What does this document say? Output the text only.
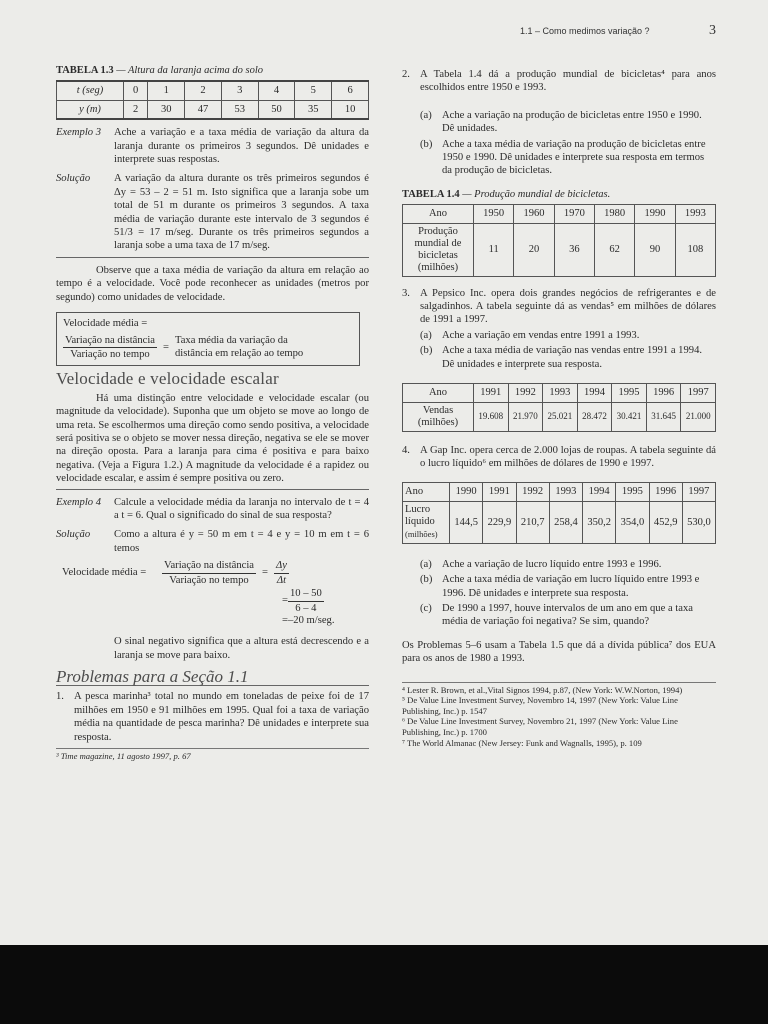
1.1 – Como medimos variação ?	3
TABELA 1.3 — Altura da laranja acima do solo
t (seg)	0	1	2	3	4	5	6
y (m)	2	30	47	53	50	35	10
Exemplo 3	Ache a variação e a taxa média de variação da altura da laranja durante os primeiros 3 segundos. Dê unidades e interprete suas respostas.
Solução	A variação da altura durante os três primeiros segundos é Δy = 53 – 2 = 51 m. Isto significa que a laranja sobe um total de 51 m durante os primeiros 3 segundos. A taxa média de variação durante este intervalo de 3 segundos é 51/3 = 17 m/seg. Durante os três primeiros segundos a laranja sobe a uma taxa de 17 m/seg.

Observe que a taxa média de variação da altura em relação ao tempo é a velocidade. Você pode reconhecer as unidades (metros por segundo) como unidades de velocidade.

Velocidade média =
$\frac{\text{Variação na distância}}{\text{Variação no tempo}}$ =
Taxa média da variação da
distância em relação ao tempo
Velocidade e velocidade escalar

Há uma distinção entre velocidade e velocidade escalar (ou magnitude da velocidade). Suponha que um objeto se move ao longo de uma reta. Se escolhermos uma direção como sendo positiva, a velocidade será positiva se o objeto se mover nessa direção, negativa se ele se mover na direção oposta. Para a laranja para cima é positiva e para baixo negativa. (Veja a Figura 1.2.) A magnitude da velocidade é a rapidez ou velocidade escalar, e assim é sempre positiva ou zero.

Exemplo 4	Calcule a velocidade média da laranja no intervalo de t = 4 a t = 6. Qual o significado do sinal de sua resposta?
Solução	Como a altura é y = 50 m em t = 4 e y = 10 m em t = 6 temos
Velocidade média =	$\frac{\text{Variação na distância}}{\text{Variação no tempo}} = \frac{\Delta y}{\Delta t}$
= $\frac{10 - 50}{6 - 4}$
=–20 m/seg.
O sinal negativo significa que a altura está decrescendo e a laranja se move para baixo.
Problemas para a Seção 1.1
1. A pesca marinha³ total no mundo em toneladas de peixe foi de 17 milhões em 1950 e 91 milhões em 1995. Qual foi a taxa de variação média na quantidade de pesca marinha? Dê unidades e interprete sua resposta.

³ Time magazine, 11 agosto 1997, p. 67

2. A Tabela 1.4 dá a produção mundial de bicicletas⁴ para anos escolhidos entre 1950 e 1993.
(a) Ache a variação na produção de bicicletas entre 1950 e 1990. Dê unidades.
(b) Ache a taxa média de variação na produção de bicicletas entre 1950 e 1990. Dê unidades e interprete sua resposta em termos da produção de bicicletas.
TABELA 1.4 — Produção mundial de bicicletas.
Ano	1950	1960	1970	1980	1990	1993
Produção mundial de bicicletas (milhões)	11	20	36	62	90	108
3. A Pepsico Inc. opera dois grandes negócios de refrigerantes e de salgadinhos. A tabela seguinte dá as vendas⁵ em milhões de dólares de 1991 a 1997.
(a) Ache a variação em vendas entre 1991 a 1993.
(b) Ache a taxa média de variação nas vendas entre 1991 a 1994. Dê unidades e interprete sua resposta.
Ano	1991	1992	1993	1994	1995	1996	1997
Vendas (milhões)	19.608	21.970	25.021	28.472	30.421	31.645	21.000
4. A Gap Inc. opera cerca de 2.000 lojas de roupas. A tabela seguinte dá o lucro líquido⁶ em milhões de dólares de 1990 e 1997.
Ano	1990	1991	1992	1993	1994	1995	1996	1997
Lucro líquido
(milhões)	144,5	229,9	210,7	258,4	350,2	354,0	452,9	530,0
(a) Ache a variação de lucro líquido entre 1993 e 1996.
(b) Ache a taxa média de variação em lucro líquido entre 1993 e 1996. Dê unidades e interprete sua resposta.
(c) De 1990 a 1997, houve intervalos de um ano em que a taxa média de variação foi negativa? Se sim, quando?
Os Problemas 5–6 usam a Tabela 1.5 que dá a dívida pública⁷ dos EUA para os anos de 1980 a 1993.

⁴ Lester R. Brown, et al.,Vital Signos 1994, p.87, (New York: W.W.Norton, 1994)

⁵ De Value Line Investment Survey, Novembro 14, 1997 (New York: Value Line Publishing, Inc.) p. 1547

⁶ De Value Line Investment Survey, Novembro 21, 1997 (New York: Value Line Publishing, Inc.) p. 1700

⁷ The World Almanac (New Jersey: Funk and Wagnalls, 1995), p. 109
